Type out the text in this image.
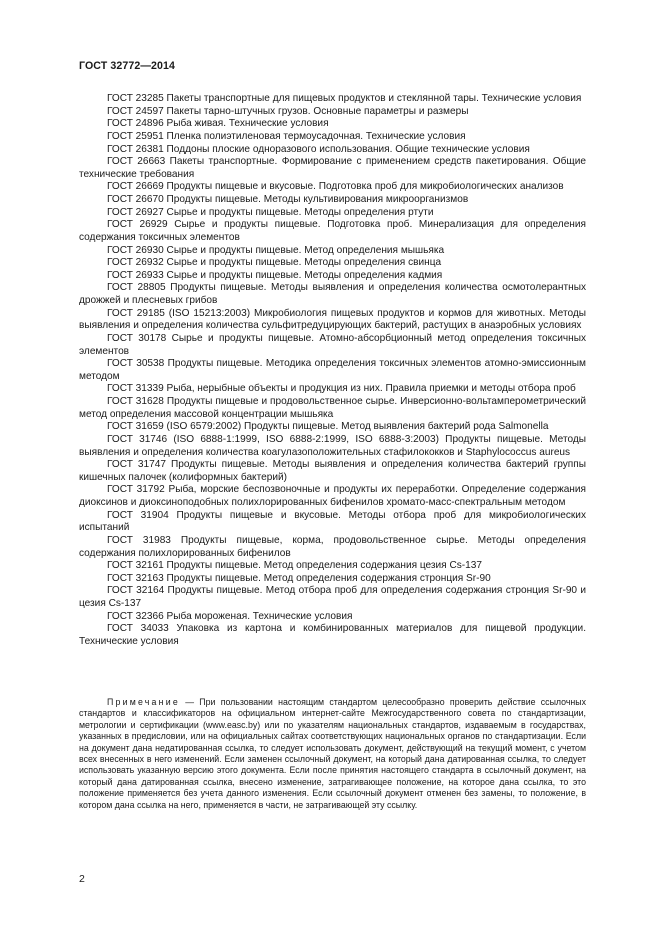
ГОСТ 32772—2014

ГОСТ 23285 Пакеты транспортные для пищевых продуктов и стеклянной тары. Технические условия

ГОСТ 24597 Пакеты тарно-штучных грузов. Основные параметры и размеры

ГОСТ 24896 Рыба живая. Технические условия

ГОСТ 25951 Пленка полиэтиленовая термоусадочная. Технические условия

ГОСТ 26381 Поддоны плоские одноразового использования. Общие технические условия

ГОСТ 26663 Пакеты транспортные. Формирование с применением средств пакетирования. Общие технические требования

ГОСТ 26669 Продукты пищевые и вкусовые. Подготовка проб для микробиологических анализов

ГОСТ 26670 Продукты пищевые. Методы культивирования микроорганизмов

ГОСТ 26927 Сырье и продукты пищевые. Методы определения ртути

ГОСТ 26929 Сырье и продукты пищевые. Подготовка проб. Минерализация для определения содержания токсичных элементов

ГОСТ 26930 Сырье и продукты пищевые. Метод определения мышьяка

ГОСТ 26932 Сырье и продукты пищевые. Методы определения свинца

ГОСТ 26933 Сырье и продукты пищевые. Методы определения кадмия

ГОСТ 28805 Продукты пищевые. Методы выявления и определения количества осмотолерантных дрожжей и плесневых грибов

ГОСТ 29185 (ISO 15213:2003) Микробиология пищевых продуктов и кормов для животных. Методы выявления и определения количества сульфитредуцирующих бактерий, растущих в анаэробных условиях

ГОСТ 30178 Сырье и продукты пищевые. Атомно-абсорбционный метод определения токсичных элементов

ГОСТ 30538 Продукты пищевые. Методика определения токсичных элементов атомно-эмиссионным методом

ГОСТ 31339 Рыба, нерыбные объекты и продукция из них. Правила приемки и методы отбора проб

ГОСТ 31628 Продукты пищевые и продовольственное сырье. Инверсионно-вольтамперометрический метод определения массовой концентрации мышьяка

ГОСТ 31659 (ISO 6579:2002) Продукты пищевые. Метод выявления бактерий рода Salmonella

ГОСТ 31746 (ISO 6888-1:1999, ISO 6888-2:1999, ISO 6888-3:2003) Продукты пищевые. Методы выявления и определения количества коагулазоположительных стафилококков и Staphylococcus aureus

ГОСТ 31747 Продукты пищевые. Методы выявления и определения количества бактерий группы кишечных палочек (колиформных бактерий)

ГОСТ 31792 Рыба, морские беспозвоночные и продукты их переработки. Определение содержания диоксинов и диоксиноподобных полихлорированных бифенилов хромато-масс-спектральным методом

ГОСТ 31904 Продукты пищевые и вкусовые. Методы отбора проб для микробиологических испытаний

ГОСТ 31983 Продукты пищевые, корма, продовольственное сырье. Методы определения содержания полихлорированных бифенилов

ГОСТ 32161 Продукты пищевые. Метод определения содержания цезия Cs-137

ГОСТ 32163 Продукты пищевые. Метод определения содержания стронция Sr-90

ГОСТ 32164 Продукты пищевые. Метод отбора проб для определения содержания стронция Sr-90 и цезия Cs-137

ГОСТ 32366 Рыба мороженая. Технические условия

ГОСТ 34033 Упаковка из картона и комбинированных материалов для пищевой продукции. Технические условия

Примечание — При пользовании настоящим стандартом целесообразно проверить действие ссылочных стандартов и классификаторов на официальном интернет-сайте Межгосударственного совета по стандартизации, метрологии и сертификации (www.easc.by) или по указателям национальных стандартов, издаваемым в государствах, указанных в предисловии, или на официальных сайтах соответствующих национальных органов по стандартизации. Если на документ дана недатированная ссылка, то следует использовать документ, действующий на текущий момент, с учетом всех внесенных в него изменений. Если заменен ссылочный документ, на который дана датированная ссылка, то следует использовать указанную версию этого документа. Если после принятия настоящего стандарта в ссылочный документ, на который дана датированная ссылка, внесено изменение, затрагивающее положение, на которое дана ссылка, то это положение применяется без учета данного изменения. Если ссылочный документ отменен без замены, то положение, в котором дана ссылка на него, применяется в части, не затрагивающей эту ссылку.

2
